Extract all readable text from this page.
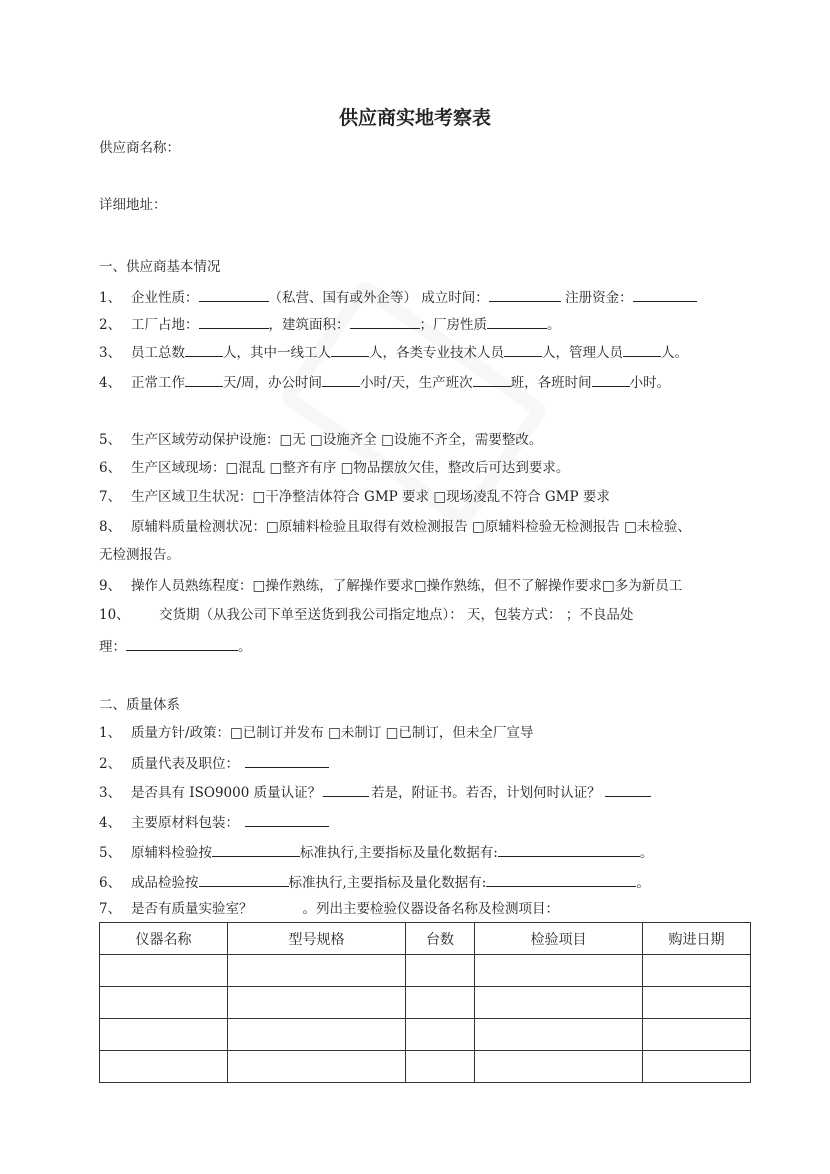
供应商实地考察表
供应商名称：
详细地址：
一、供应商基本情况
1、 企业性质：	（私营、国有或外企等） 成立时间：	注册资金：
2、 工厂占地：	，建筑面积：	；厂房性质	。
3、 员工总数	人，其中一线工人	人，各类专业技术人员	人，管理人员	人。
4、 正常工作	天/周，办公时间	小时/天，生产班次	班，各班时间	小时。
5、 生产区域劳动保护设施：□无 □设施齐全 □设施不齐全，需要整改。
6、 生产区域现场：□混乱 □整齐有序 □物品摆放欠佳，整改后可达到要求。
7、 生产区域卫生状况：□干净整洁体符合 GMP 要求 □现场凌乱不符合 GMP 要求
8、 原辅料质量检测状况：□原辅料检验且取得有效检测报告 □原辅料检验无检测报告 □未检验、
无检测报告。
9、 操作人员熟练程度：□操作熟练，了解操作要求□操作熟练，但不了解操作要求□多为新员工
10、 交货期（从我公司下单至送货到我公司指定地点）： 天，包装方式： ；不良品处
理：	。
二、质量体系
1、 质量方针/政策：□已制订并发布 □未制订 □已制订，但未全厂宣导
2、 质量代表及职位：
3、 是否具有 ISO9000 质量认证？	若是，附证书。若否，计划何时认证？
4、 主要原材料包装：
5、 原辅料检验按	标准执行,主要指标及量化数据有:	。
6、 成品检验按	标准执行,主要指标及量化数据有:	。
7、 是否有质量实验室？	。列出主要检验仪器设备名称及检测项目：
仪器名称	型号规格	台数	检验项目	购进日期
